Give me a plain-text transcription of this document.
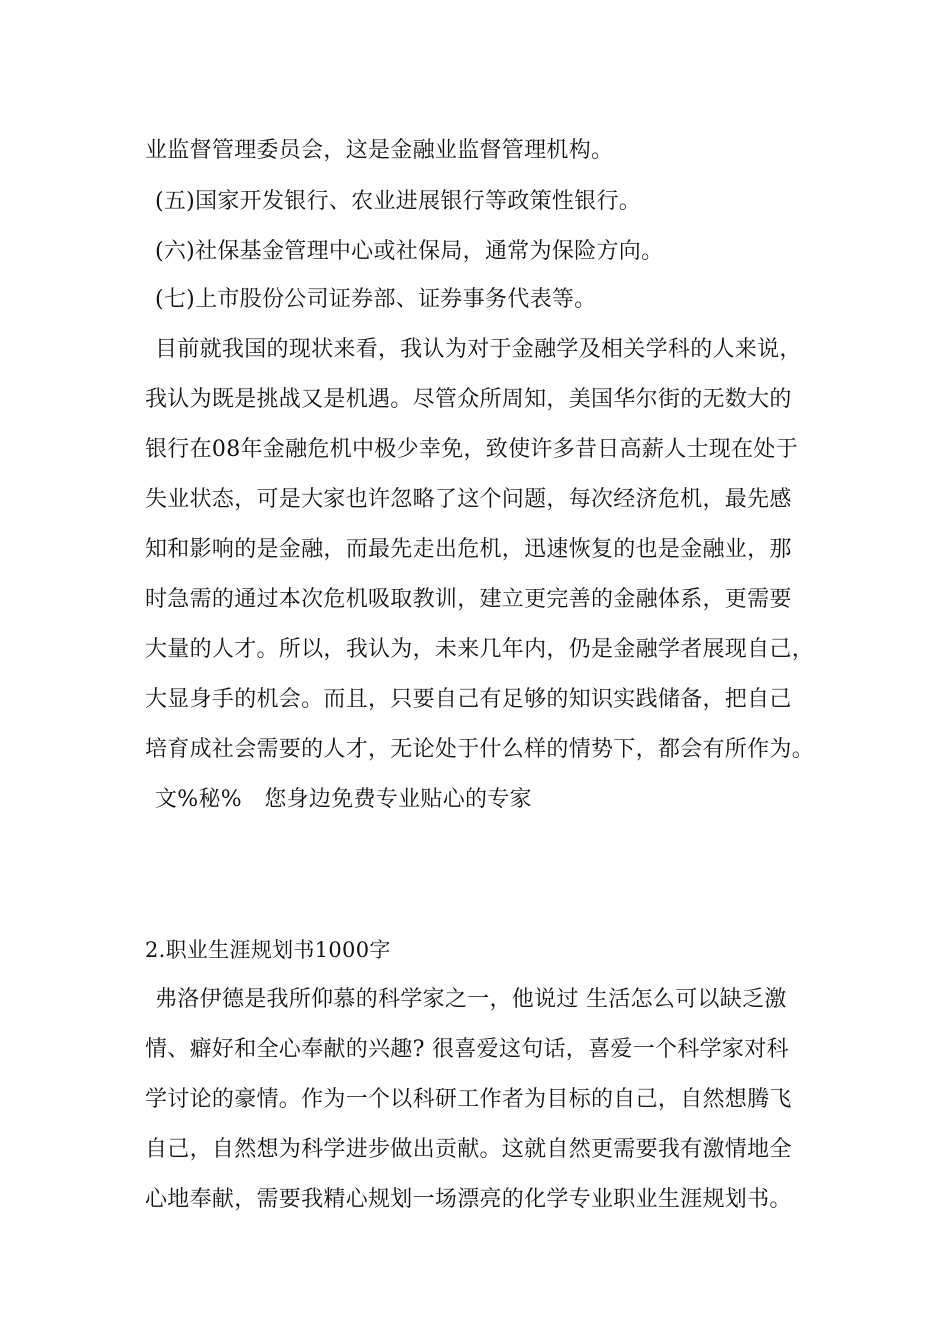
业监督管理委员会，这是金融业监督管理机构。
(五)国家开发银行、农业进展银行等政策性银行。
(六)社保基金管理中心或社保局，通常为保险方向。
(七)上市股份公司证券部、证券事务代表等。
目前就我国的现状来看，我认为对于金融学及相关学科的人来说，
我认为既是挑战又是机遇。尽管众所周知，美国华尔街的无数大的
银行在08年金融危机中极少幸免，致使许多昔日高薪人士现在处于
失业状态，可是大家也许忽略了这个问题，每次经济危机，最先感
知和影响的是金融，而最先走出危机，迅速恢复的也是金融业，那
时急需的通过本次危机吸取教训，建立更完善的金融体系，更需要
大量的人才。所以，我认为，未来几年内，仍是金融学者展现自己，
大显身手的机会。而且，只要自己有足够的知识实践储备，把自己
培育成社会需要的人才，无论处于什么样的情势下，都会有所作为。
文%秘%　您身边免费专业贴心的专家
2.职业生涯规划书1000字
弗洛伊德是我所仰慕的科学家之一，他说过 生活怎么可以缺乏激
情、癖好和全心奉献的兴趣? 很喜爱这句话，喜爱一个科学家对科
学讨论的豪情。作为一个以科研工作者为目标的自己，自然想腾飞
自己，自然想为科学进步做出贡献。这就自然更需要我有激情地全
心地奉献，需要我精心规划一场漂亮的化学专业职业生涯规划书。
